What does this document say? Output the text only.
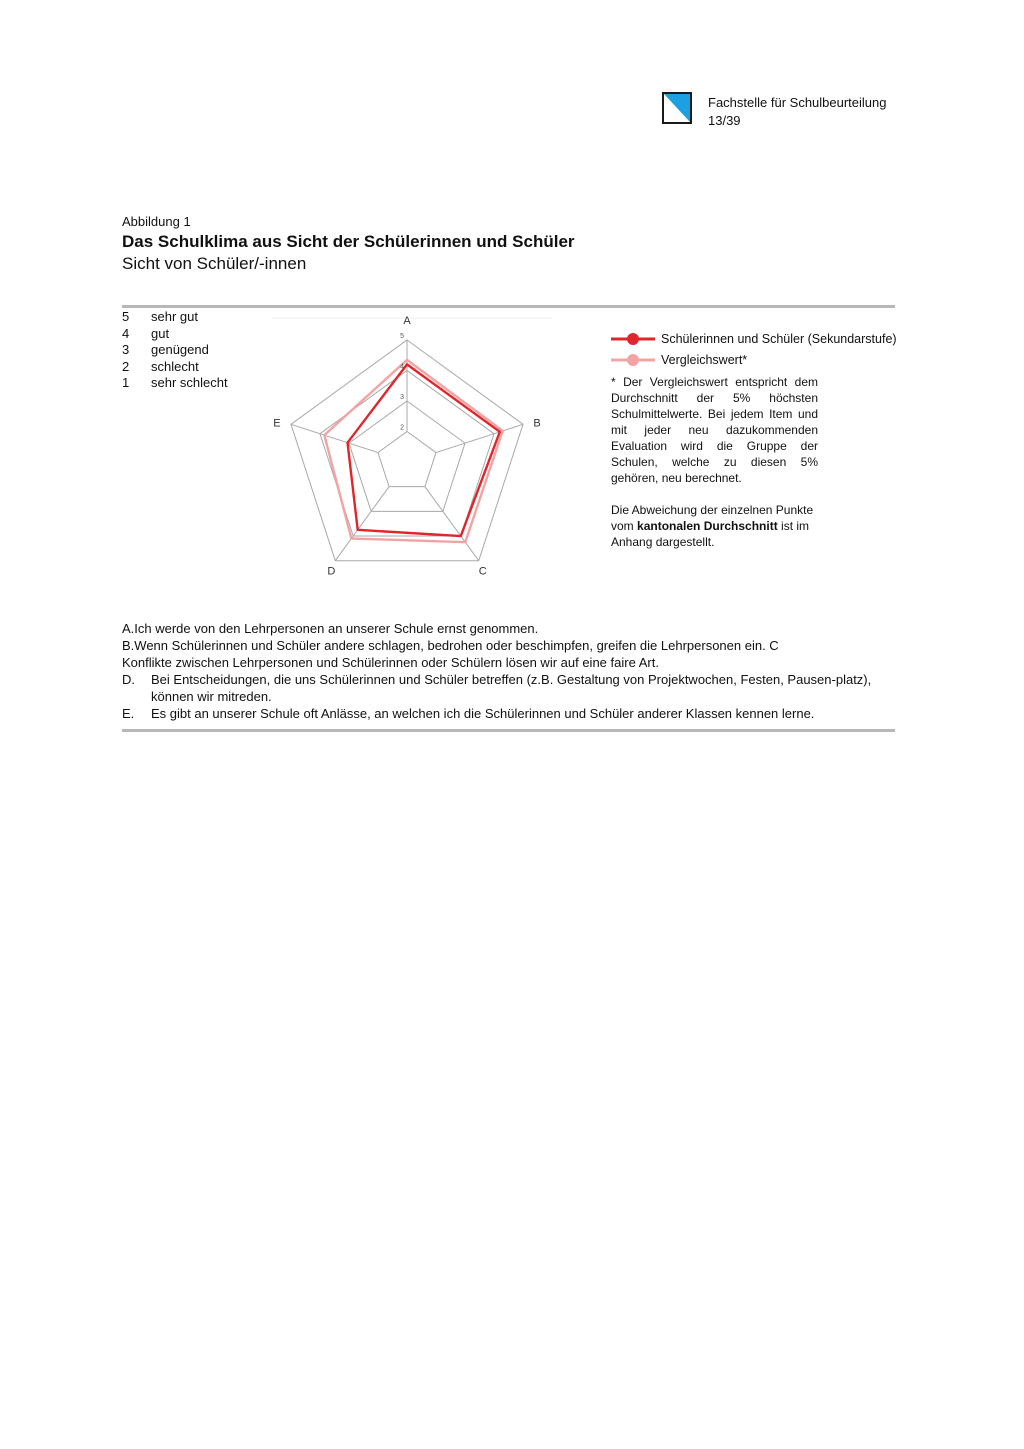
Fachstelle für Schulbeurteilung
13/39
Abbildung 1
Das Schulklima aus Sicht der Schülerinnen und Schüler
Sicht von Schüler/-innen
5	sehr gut
4	gut
3	genügend
2	schlecht
1	sehr schlecht
2
3
4
5
A
B
C
D
E
Schülerinnen und Schüler (Sekundarstufe)
Vergleichswert*

* Der Vergleichswert entspricht dem Durchschnitt der 5% höchsten Schulmittelwerte. Bei jedem Item und mit jeder neu dazukommenden Evaluation wird die Gruppe der Schulen, welche zu diesen 5% gehören, neu berechnet.

Die Abweichung der einzelnen Punkte vom kantonalen Durchschnitt ist im Anhang dargestellt.

A.Ich werde von den Lehrpersonen an unserer Schule ernst genommen.
B.Wenn Schülerinnen und Schüler andere schlagen, bedrohen oder beschimpfen, greifen die Lehrpersonen ein. C
Konflikte zwischen Lehrpersonen und Schülerinnen oder Schülern lösen wir auf eine faire Art.
D.	Bei Entscheidungen, die uns Schülerinnen und Schüler betreffen (z.B. Gestaltung von Projektwochen, Festen, Pausen-platz), können wir mitreden.
E.	Es gibt an unserer Schule oft Anlässe, an welchen ich die Schülerinnen und Schüler anderer Klassen kennen lerne.
